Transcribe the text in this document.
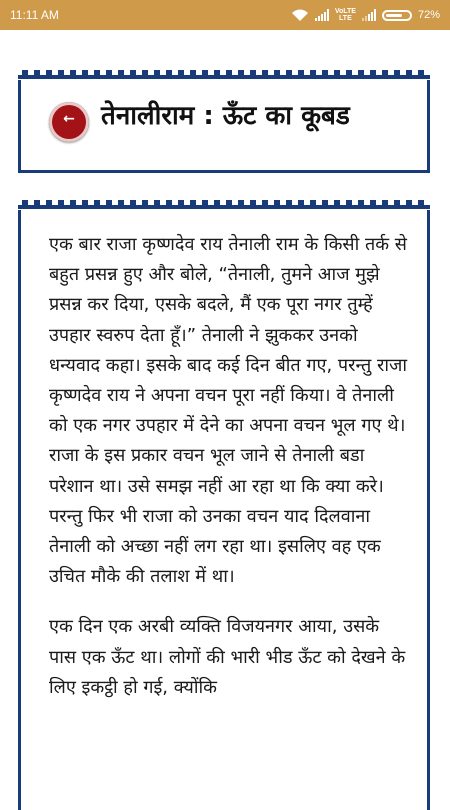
11:11 AM	VoLTE
LTE	72%
←	तेनालीराम : ऊँट का कूबड

एक बार राजा कृष्णदेव राय तेनाली राम के किसी तर्क से बहुत प्रसन्न हुए और बोले, “तेनाली, तुमने आज मुझे प्रसन्न कर दिया, एसके बदले, मैं एक पूरा नगर तुम्हें उपहार स्वरुप देता हूँ।” तेनाली ने झुककर उनको धन्यवाद कहा। इसके बाद कई दिन बीत गए, परन्तु राजा कृष्णदेव राय ने अपना वचन पूरा नहीं किया। वे तेनाली को एक नगर उपहार में देने का अपना वचन भूल गए थे। राजा के इस प्रकार वचन भूल जाने से तेनाली बडा परेशान था। उसे समझ नहीं आ रहा था कि क्या करे। परन्तु फिर भी राजा को उनका वचन याद दिलवाना तेनाली को अच्छा नहीं लग रहा था। इसलिए वह एक उचित मौके की तलाश में था।

एक दिन एक अरबी व्यक्ति विजयनगर आया, उसके पास एक ऊँट था। लोगों की भारी भीड ऊँट को देखने के लिए इकट्ठी हो गई, क्योंकि
